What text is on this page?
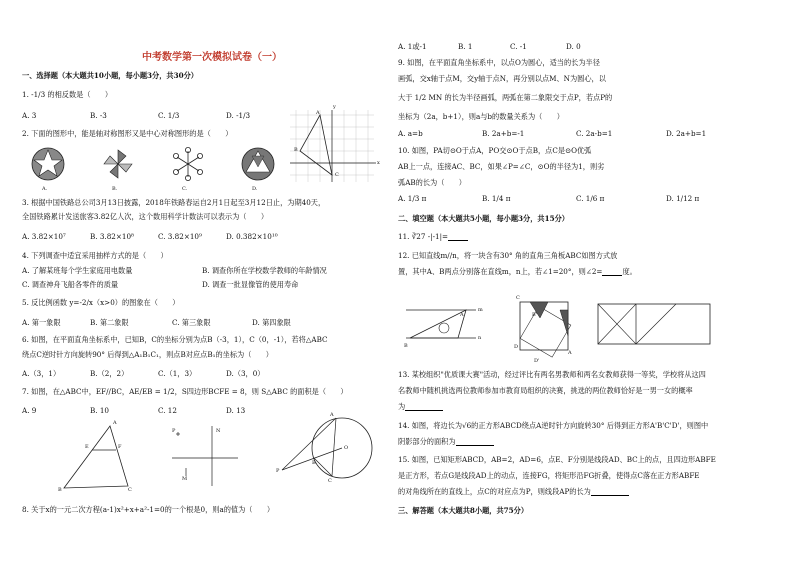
中考数学第一次模拟试卷（一）
一、选择题（本大题共10小题，每小题3分，共30分）
1. -1/3 的相反数是（　　）
A. 3	B. -3	C. 1/3	D. -1/3
2. 下面的图形中，能是轴对称图形又是中心对称图形的是（　　）
A.	B.	C.	D.
y
A
B
C
x
3. 根据中国铁路总公司3月13日披露，2018年铁路春运自2月1日起至3月12日止，为期40天，
全国铁路累计发送旅客3.82亿人次，这个数用科学计数法可以表示为（　　）
A. 3.82×10⁷	B. 3.82×10⁸	C. 3.82×10⁹	D. 0.382×10¹⁰
4. 下列调查中适宜采用抽样方式的是（　　）
A. 了解某班每个学生家庭用电数量	B. 调查你所在学校数学教师的年龄情况
C. 调查神舟飞船各零件的质量	D. 调查一批显像管的使用寿命
5. 反比例函数 y=-2/x（x>0）的图象在（　　）
A. 第一象限	B. 第二象限	C. 第三象限	D. 第四象限
6. 如图，在平面直角坐标系中，已知B，C的坐标分别为点B（-3，1），C（0，-1），若将△ABC
绕点C逆时针方向旋转90° 后得到△A₁B₁C₁，则点B对应点B₁的坐标为（　　）
A.（3，1）	B.（2，2）	C.（1，3）	D.（3，0）
7. 如图，在△ABC中，EF//BC，AE/EB = 1/2，S四边形BCFE = 8，则 S△ABC 的面积是（　　）
A. 9	B. 10	C. 12	D. 13
A
E	F
B	C
P	N
M
A
O
B
C
P
8. 关于x的一元二次方程(a-1)x²+x+a²-1=0的一个根是0，则a的值为（　　）
A. 1或-1	B. 1	C. -1	D. 0
9. 如图，在平面直角坐标系中，以点O为圆心，适当的长为半径
画弧，交x轴于点M，交y轴于点N，再分别以点M、N为圆心，以
大于 1/2 MN 的长为半径画弧，两弧在第二象限交于点P，若点P的
坐标为（2a，b+1），则a与b的数量关系为（　　）
A. a=b	B. 2a+b=-1	C. 2a-b=1	D. 2a+b=1
10. 如图，PA切⊙O于点A，PO交⊙O于点B，点C是⊙O优弧
AB上一点，连接AC、BC，如果∠P=∠C，⊙O的半径为1，则劣
弧AB的长为（　　）
A. 1/3 π	B. 1/4 π	C. 1/6 π	D. 1/12 π
二、填空题（本大题共5小题，每小题3分，共15分）
11. ∛27 -|-1|=
12. 已知直线m//n，将一块含有30° 角的直角三角板ABC如图方式放
置，其中A、B两点分别落在直线m，n上，若∠1=20°，则∠2=	度。
m
n
B
A
C
B'
D
A
D'
13. 某校组织"优质课大赛"活动，经过评比有两名男教师和两名女教师获得一等奖，学校将从这四
名教师中随机挑选两位教师参加市教育局组织的决赛，挑选的两位教师恰好是一男一女的概率
为
14. 如图，将边长为√6的正方形ABCD绕点A逆时针方向旋转30° 后得到正方形A'B'C'D'，则图中
阴影部分的面积为
15. 如图，已知矩形ABCD，AB=2，AD=6，点E、F分别是线段AD、BC上的点，且四边形ABFE
是正方形，若点G是线段AD上的动点，连接FG，将矩形沿FG折叠，使得点C落在正方形ABFE
的对角线所在的直线上，点C的对应点为P，则线段AP的长为
三、解答题（本大题共8小题，共75分）
